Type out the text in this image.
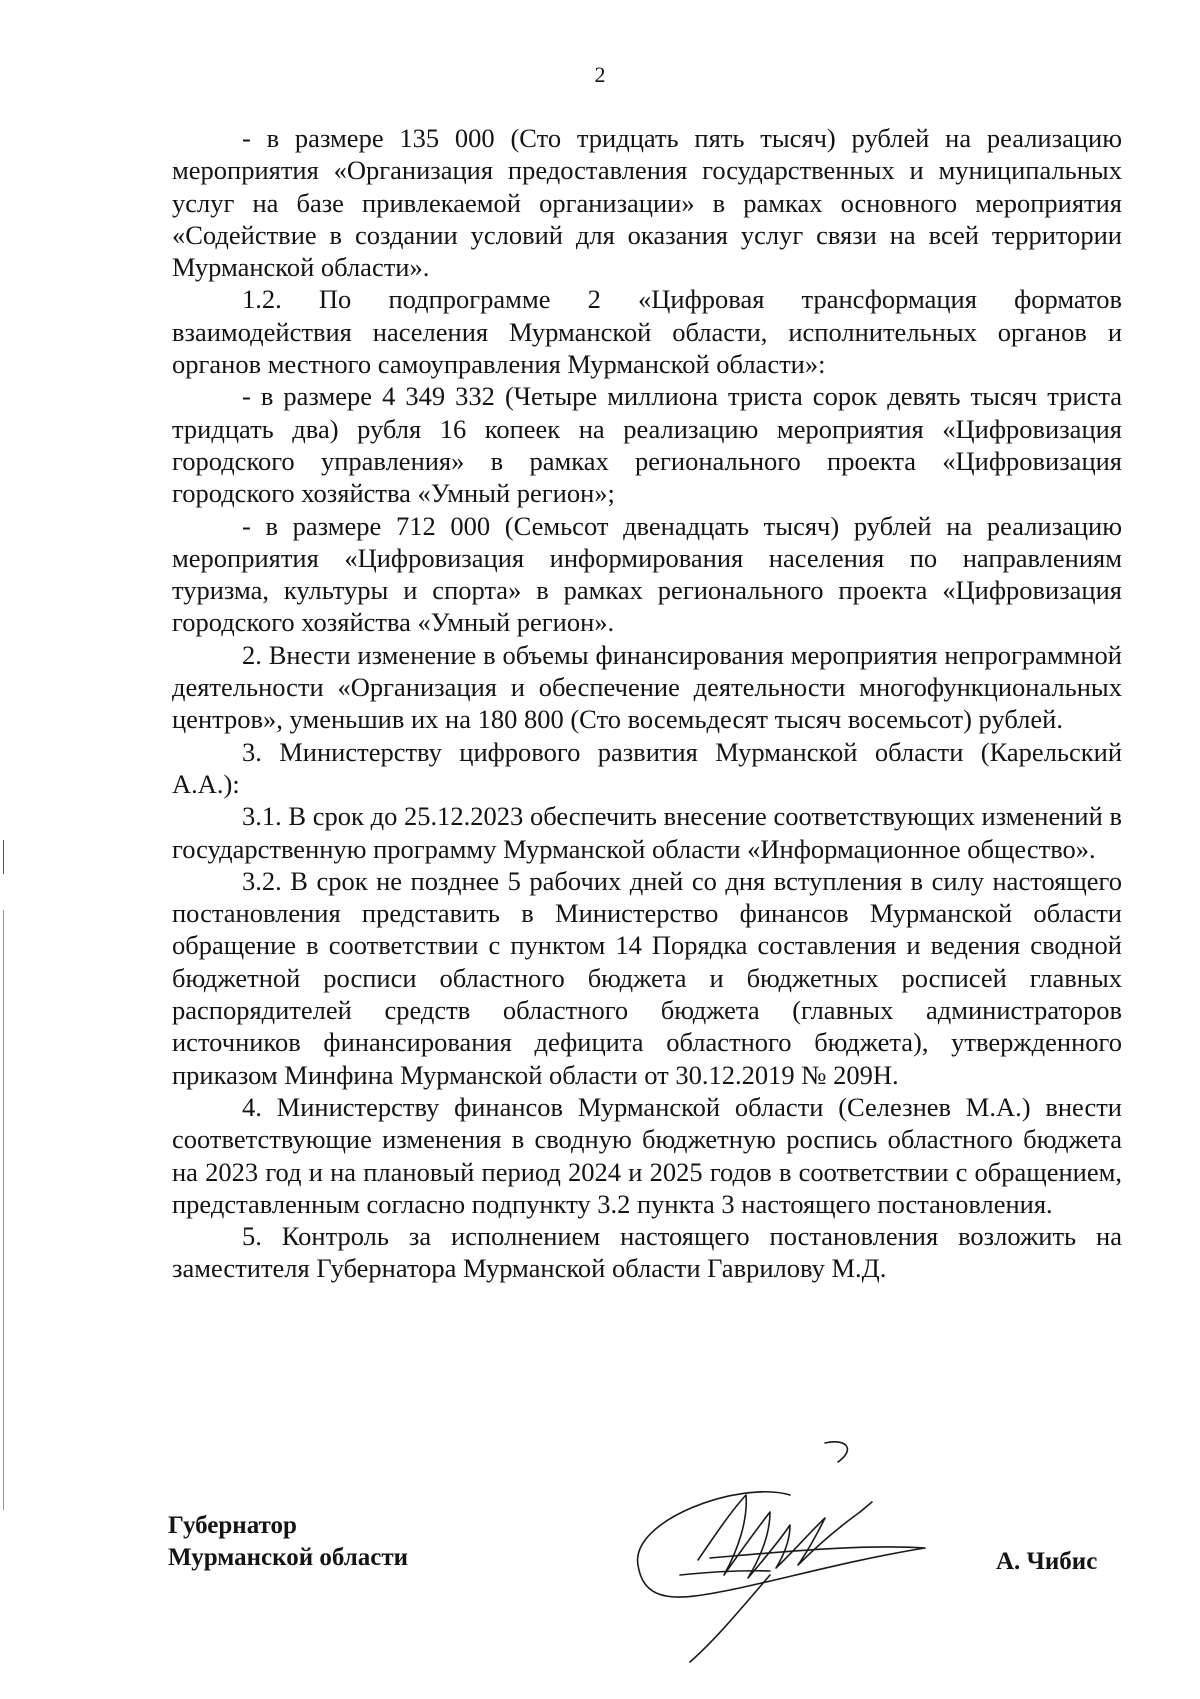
2

- в размере 135 000 (Сто тридцать пять тысяч) рублей на реализацию мероприятия «Организация предоставления государственных и муниципальных услуг на базе привлекаемой организации» в рамках основного мероприятия «Содействие в создании условий для оказания услуг связи на всей территории Мурманской области».

1.2. По подпрограмме 2 «Цифровая трансформация форматов взаимодействия населения Мурманской области, исполнительных органов и органов местного самоуправления Мурманской области»:

- в размере 4 349 332 (Четыре миллиона триста сорок девять тысяч триста тридцать два) рубля 16 копеек на реализацию мероприятия «Цифровизация городского управления» в рамках регионального проекта «Цифровизация городского хозяйства «Умный регион»;

- в размере 712 000 (Семьсот двенадцать тысяч) рублей на реализацию мероприятия «Цифровизация информирования населения по направлениям туризма, культуры и спорта» в рамках регионального проекта «Цифровизация городского хозяйства «Умный регион».

2. Внести изменение в объемы финансирования мероприятия непрограммной деятельности «Организация и обеспечение деятельности многофункциональных центров», уменьшив их на 180 800 (Сто восемьдесят тысяч восемьсот) рублей.

3. Министерству цифрового развития Мурманской области (Карельский А.А.):

3.1. В срок до 25.12.2023 обеспечить внесение соответствующих изменений в государственную программу Мурманской области «Информационное общество».

3.2. В срок не позднее 5 рабочих дней со дня вступления в силу настоящего постановления представить в Министерство финансов Мурманской области обращение в соответствии с пунктом 14 Порядка составления и ведения сводной бюджетной росписи областного бюджета и бюджетных росписей главных распорядителей средств областного бюджета (главных администраторов источников финансирования дефицита областного бюджета), утвержденного приказом Минфина Мурманской области от 30.12.2019 № 209Н.

4. Министерству финансов Мурманской области (Селезнев М.А.) внести соответствующие изменения в сводную бюджетную роспись областного бюджета на 2023 год и на плановый период 2024 и 2025 годов в соответствии с обращением, представленным согласно подпункту 3.2 пункта 3 настоящего постановления.

5. Контроль за исполнением настоящего постановления возложить на заместителя Губернатора Мурманской области Гаврилову М.Д.

Губернатор
Мурманской области	А. Чибис
